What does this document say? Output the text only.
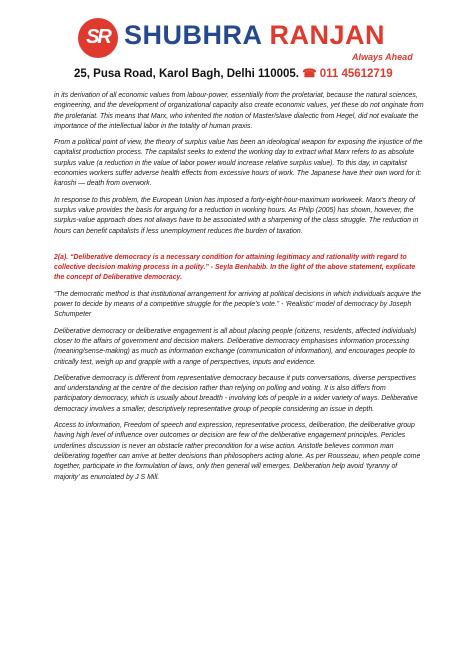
SR SHUBHRA RANJAN
Always Ahead
25, Pusa Road, Karol Bagh, Delhi 110005. ☎ 011 45612719

in its derivation of all economic values from labour-power, essentially from the proletariat, because the natural sciences, engineering, and the development of organizational capacity also create economic values, yet these do not originate from the proletariat. This means that Marx, who inherited the notion of Master/slave dialectic from Hegel, did not evaluate the importance of the intellectual labor in the totality of human praxis.

From a political point of view, the theory of surplus value has been an ideological weapon for exposing the injustice of the capitalist production process. The capitalist seeks to extend the working day to extract what Marx refers to as absolute surplus value (a reduction in the value of labor power would increase relative surplus value). To this day, in capitalist economies workers suffer adverse health effects from excessive hours of work. The Japanese have their own word for it: karoshi — death from overwork.

In response to this problem, the European Union has imposed a forty-eight-hour-maximum workweek. Marx’s theory of surplus value provides the basis for arguing for a reduction in working hours. As Philp (2005) has shown, however, the surplus-value approach does not always have to be associated with a sharpening of the class struggle. The reduction in hours can benefit capitalists if less unemployment reduces the burden of taxation.

2(a). “Deliberative democracy is a necessary condition for attaining legitimacy and rationality with regard to collective decision making process in a polity.” - Seyla Benhabib. In the light of the above statement, explicate the concept of Deliberative democracy.

“The democratic method is that institutional arrangement for arriving at political decisions in which individuals acquire the power to decide by means of a competitive struggle for the people’s vote.” - ‘Realistic’ model of democracy by Joseph Schumpeter

Deliberative democracy or deliberative engagement is all about placing people (citizens, residents, affected individuals) closer to the affairs of government and decision makers. Deliberative democracy emphasises information processing (meaning/sense-making) as much as information exchange (communication of information), and encourages people to critically test, weigh up and grapple with a range of perspectives, inputs and evidence.

Deliberative democracy is different from representative democracy because it puts conversations, diverse perspectives and understanding at the centre of the decision rather than relying on polling and voting. It is also differs from participatory democracy, which is usually about breadth - involving lots of people in a wider variety of ways. Deliberative democracy involves a smaller, descriptively representative group of people considering an issue in depth.

Access to information, Freedom of speech and expression, representative process, deliberation, the deliberative group having high level of influence over outcomes or decision are few of the deliberative engagement principles. Pericles underlines discussion is never an obstacle rather precondition for a wise action. Aristotle believes common man deliberating together can arrive at better decisions than philosophers acting alone. As per Rousseau, when people come together, participate in the formulation of laws, only then general will emerges. Deliberation help avoid ‘tyranny of majority’ as enunciated by J S Mill.
